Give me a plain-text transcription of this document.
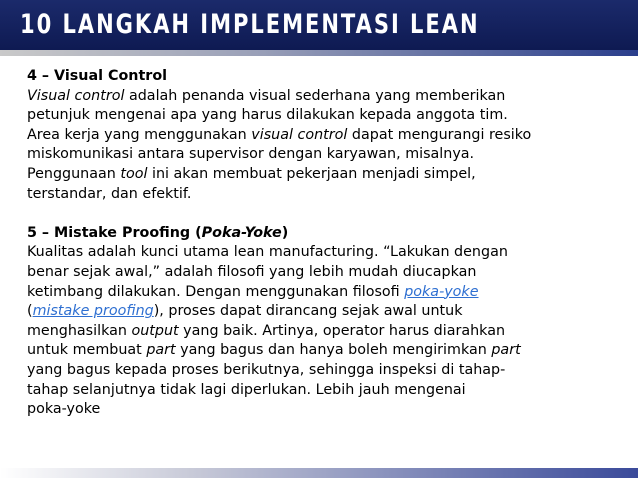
10 LANGKAH IMPLEMENTASI LEAN
4 – Visual Control
Visual control adalah penanda visual sederhana yang memberikan
petunjuk mengenai apa yang harus dilakukan kepada anggota tim.
Area kerja yang menggunakan visual control dapat mengurangi resiko
miskomunikasi antara supervisor dengan karyawan, misalnya.
Penggunaan tool ini akan membuat pekerjaan menjadi simpel,
terstandar, dan efektif.
5 – Mistake Proofing (Poka-Yoke)
Kualitas adalah kunci utama lean manufacturing. “Lakukan dengan
benar sejak awal,” adalah filosofi yang lebih mudah diucapkan
ketimbang dilakukan. Dengan menggunakan filosofi poka-yoke
(mistake proofing), proses dapat dirancang sejak awal untuk
menghasilkan output yang baik. Artinya, operator harus diarahkan
untuk membuat part yang bagus dan hanya boleh mengirimkan part
yang bagus kepada proses berikutnya, sehingga inspeksi di tahap-
tahap selanjutnya tidak lagi diperlukan. Lebih jauh mengenai
poka-yoke
